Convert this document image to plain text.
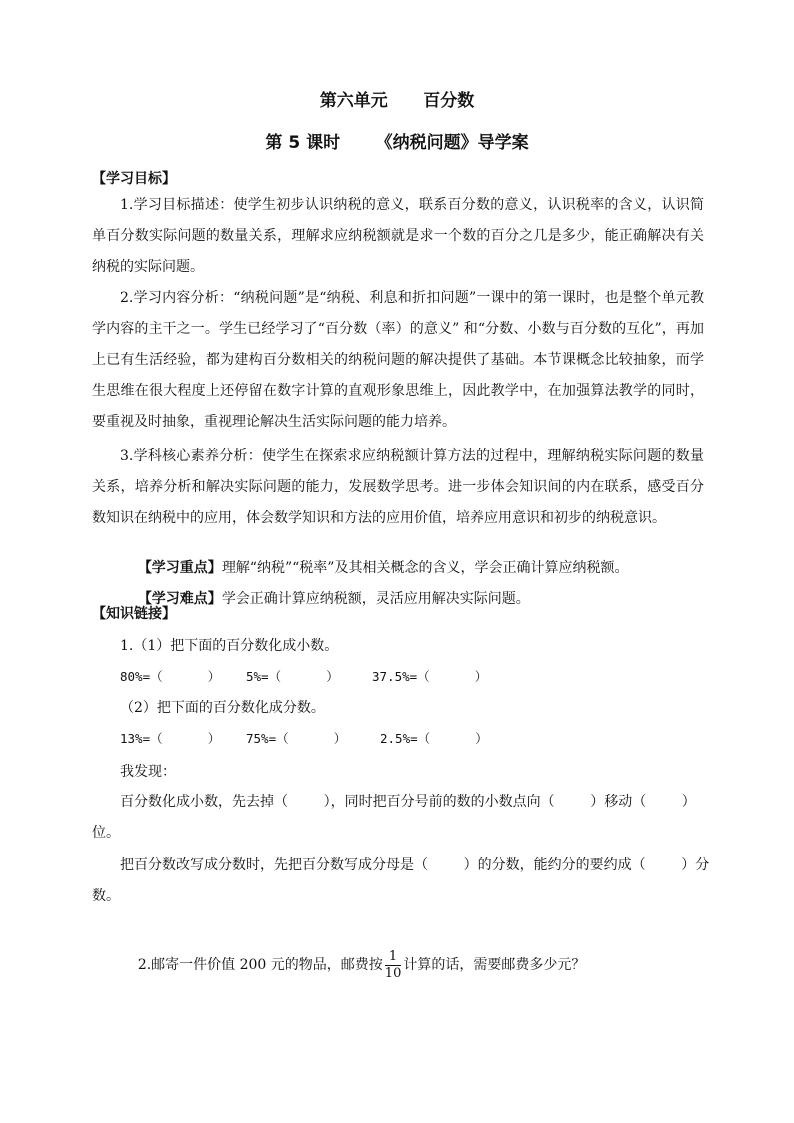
第六单元      百分数
第 5 课时      《纳税问题》导学案
【学习目标】
1.学习目标描述：使学生初步认识纳税的意义，联系百分数的意义，认识税率的含义，认识简单百分数实际问题的数量关系，理解求应纳税额就是求一个数的百分之几是多少，能正确解决有关纳税的实际问题。
2.学习内容分析：“纳税问题”是“纳税、利息和折扣问题”一课中的第一课时，也是整个单元教学内容的主干之一。学生已经学习了“百分数（率）的意义” 和“分数、小数与百分数的互化”，再加上已有生活经验，都为建构百分数相关的纳税问题的解决提供了基础。本节课概念比较抽象，而学生思维在很大程度上还停留在数字计算的直观形象思维上，因此教学中，在加强算法教学的同时，要重视及时抽象，重视理论解决生活实际问题的能力培养。
3.学科核心素养分析：使学生在探索求应纳税额计算方法的过程中，理解纳税实际问题的数量关系，培养分析和解决实际问题的能力，发展数学思考。进一步体会知识间的内在联系，感受百分数知识在纳税中的应用，体会数学知识和方法的应用价值，培养应用意识和初步的纳税意识。

【学习重点】理解“纳税”“税率”及其相关概念的含义，学会正确计算应纳税额。

【学习难点】学会正确计算应纳税额，灵活应用解决实际问题。

【知识链接】
1.（1）把下面的百分数化成小数。
80%=（      ） 5%=（      ）	37.5%=（      ）
（2）把下面的百分数化成分数。
13%=（      ） 75%=（      ）	2.5%=（      ）
我发现：
百分数化成小数，先去掉（        ），同时把百分号前的数的小数点向（        ）移动（        ）
位。
把百分数改写成分数时，先把百分数写成分母是（        ）的分数，能约分的要约成（        ）分
数。

2.邮寄一件价值 200 元的物品，邮费按 $\frac{1}{10}$ 计算的话，需要邮费多少元？
